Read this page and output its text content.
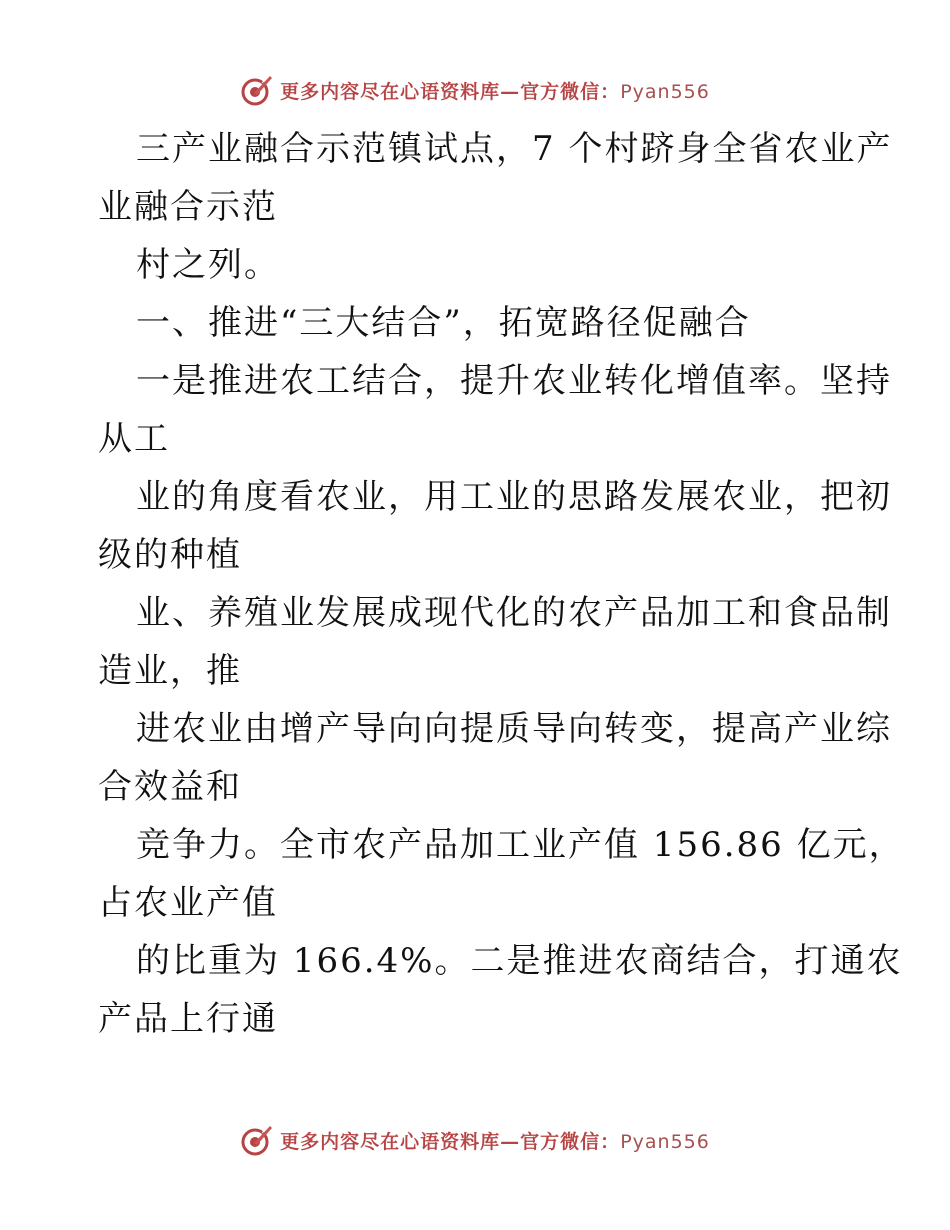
更多内容尽在心语资料库—官方微信：Pyan556
三产业融合示范镇试点，7 个村跻身全省农业产
业融合示范
村之列。
一、推进“三大结合”，拓宽路径促融合
一是推进农工结合，提升农业转化增值率。坚持
从工
业的角度看农业，用工业的思路发展农业，把初
级的种植
业、养殖业发展成现代化的农产品加工和食品制
造业，推
进农业由增产导向向提质导向转变，提高产业综
合效益和
竞争力。全市农产品加工业产值 156.86 亿元，
占农业产值
的比重为 166.4%。二是推进农商结合，打通农
产品上行通
更多内容尽在心语资料库—官方微信：Pyan556
